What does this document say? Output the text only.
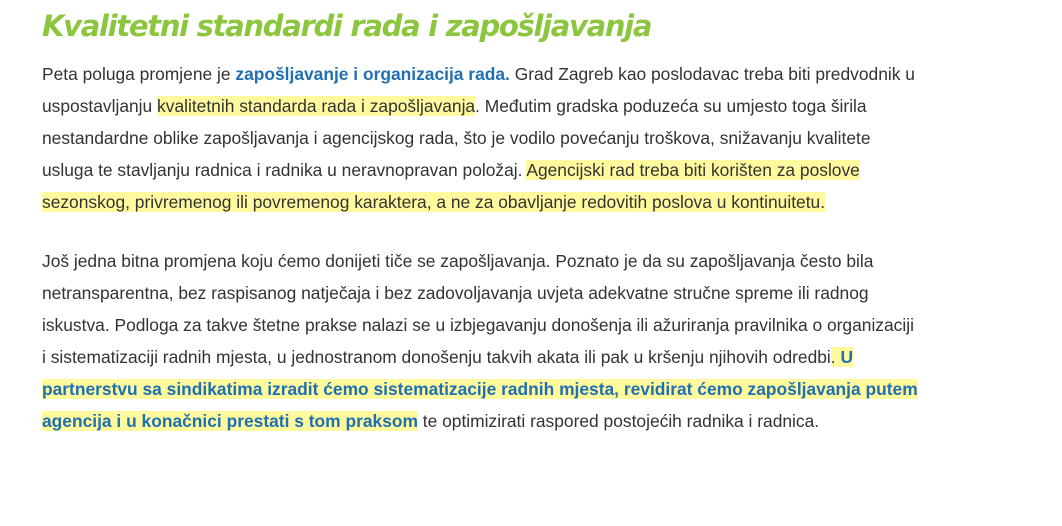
Kvalitetni standardi rada i zapošljavanja

Peta poluga promjene je zapošljavanje i organizacija rada. Grad Zagreb kao poslodavac treba biti predvodnik u uspostavljanju kvalitetnih standarda rada i zapošljavanja. Međutim gradska poduzeća su umjesto toga širila nestandardne oblike zapošljavanja i agencijskog rada, što je vodilo povećanju troškova, snižavanju kvalitete usluga te stavljanju radnica i radnika u neravnopravan položaj. Agencijski rad treba biti korišten za poslove sezonskog, privremenog ili povremenog karaktera, a ne za obavljanje redovitih poslova u kontinuitetu.

Još jedna bitna promjena koju ćemo donijeti tiče se zapošljavanja. Poznato je da su zapošljavanja često bila netransparentna, bez raspisanog natječaja i bez zadovoljavanja uvjeta adekvatne stručne spreme ili radnog iskustva. Podloga za takve štetne prakse nalazi se u izbjegavanju donošenja ili ažuriranja pravilnika o organizaciji i sistematizaciji radnih mjesta, u jednostranom donošenju takvih akata ili pak u kršenju njihovih odredbi. U partnerstvu sa sindikatima izradit ćemo sistematizacije radnih mjesta, revidirat ćemo zapošljavanja putem agencija i u konačnici prestati s tom praksom te optimizirati raspored postojećih radnika i radnica.
